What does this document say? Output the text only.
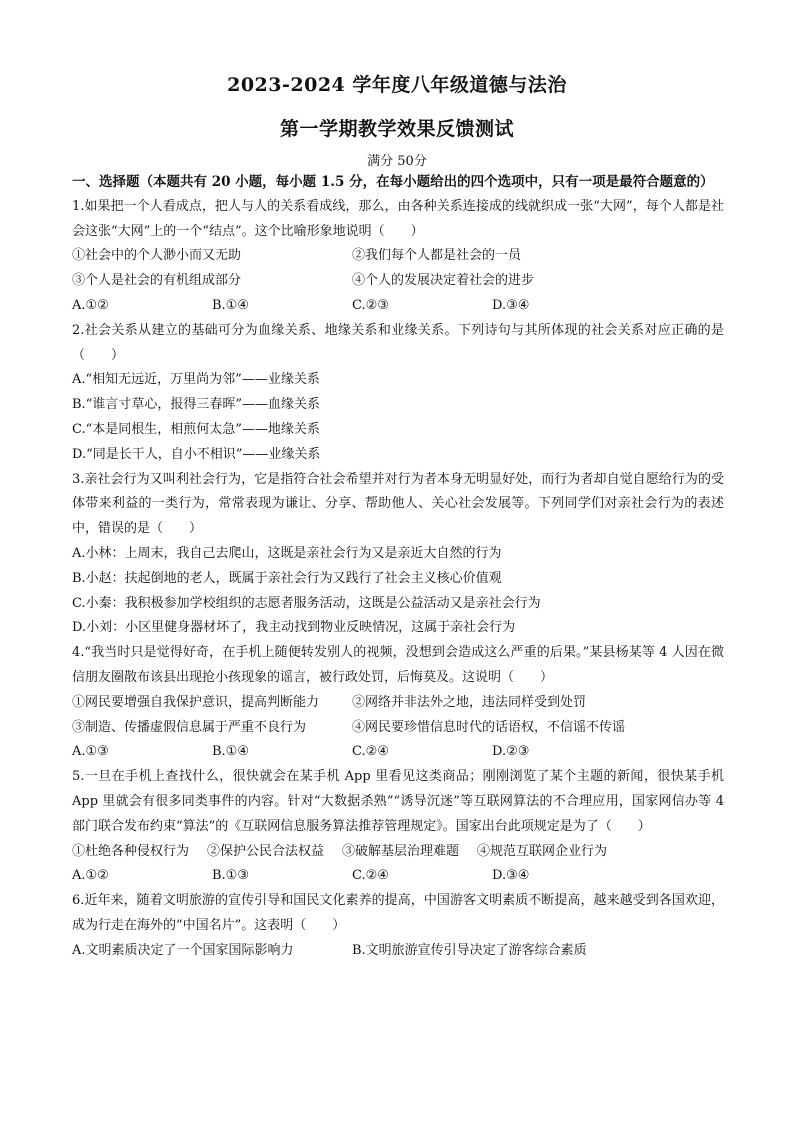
2023-2024 学年度八年级道德与法治
第一学期教学效果反馈测试
满分 50分

一、选择题（本题共有 20 小题，每小题 1.5 分，在每小题给出的四个选项中，只有一项是最符合题意的）

1.如果把一个人看成点，把人与人的关系看成线，那么，由各种关系连接成的线就织成一张“大网”，每个人都是社会这张“大网”上的一个“结点”。这个比喻形象地说明（　　）

①社会中的个人渺小而又无助	②我们每个人都是社会的一员
③个人是社会的有机组成部分	④个人的发展决定着社会的进步
A.①②	B.①④	C.②③	D.③④

2.社会关系从建立的基础可分为血缘关系、地缘关系和业缘关系。下列诗句与其所体现的社会关系对应正确的是（　　）

A.“相知无远近，万里尚为邻”——业缘关系

B.“谁言寸草心，报得三春晖”——血缘关系

C.“本是同根生，相煎何太急”——地缘关系

D.“同是长干人，自小不相识”——业缘关系

3.亲社会行为又叫利社会行为，它是指符合社会希望并对行为者本身无明显好处，而行为者却自觉自愿给行为的受体带来利益的一类行为，常常表现为谦让、分享、帮助他人、关心社会发展等。下列同学们对亲社会行为的表述中，错误的是（　　）

A.小林：上周末，我自己去爬山，这既是亲社会行为又是亲近大自然的行为

B.小赵：扶起倒地的老人，既属于亲社会行为又践行了社会主义核心价值观

C.小秦：我积极参加学校组织的志愿者服务活动，这既是公益活动又是亲社会行为

D.小刘：小区里健身器材坏了，我主动找到物业反映情况，这属于亲社会行为

4.“我当时只是觉得好奇，在手机上随便转发别人的视频，没想到会造成这么严重的后果。”某县杨某等 4 人因在微信朋友圈散布该县出现抢小孩现象的谣言，被行政处罚，后悔莫及。这说明（　　）

①网民要增强自我保护意识，提高判断能力	②网络并非法外之地，违法同样受到处罚
③制造、传播虚假信息属于严重不良行为	④网民要珍惜信息时代的话语权，不信谣不传谣
A.①③	B.①④	C.②④	D.②③

5.一旦在手机上查找什么，很快就会在某手机 App 里看见这类商品；刚刚浏览了某个主题的新闻，很快某手机 App 里就会有很多同类事件的内容。针对“大数据杀熟”“诱导沉迷”等互联网算法的不合理应用，国家网信办等 4 部门联合发布约束“算法”的《互联网信息服务算法推荐管理规定》。国家出台此项规定是为了（　　）

①杜绝各种侵权行为 ②保护公民合法权益 ③破解基层治理难题 ④规范互联网企业行为
A.①②	B.①③	C.②④	D.③④

6.近年来，随着文明旅游的宣传引导和国民文化素养的提高，中国游客文明素质不断提高，越来越受到各国欢迎，成为行走在海外的“中国名片”。这表明（　　）

A.文明素质决定了一个国家国际影响力	B.文明旅游宣传引导决定了游客综合素质
